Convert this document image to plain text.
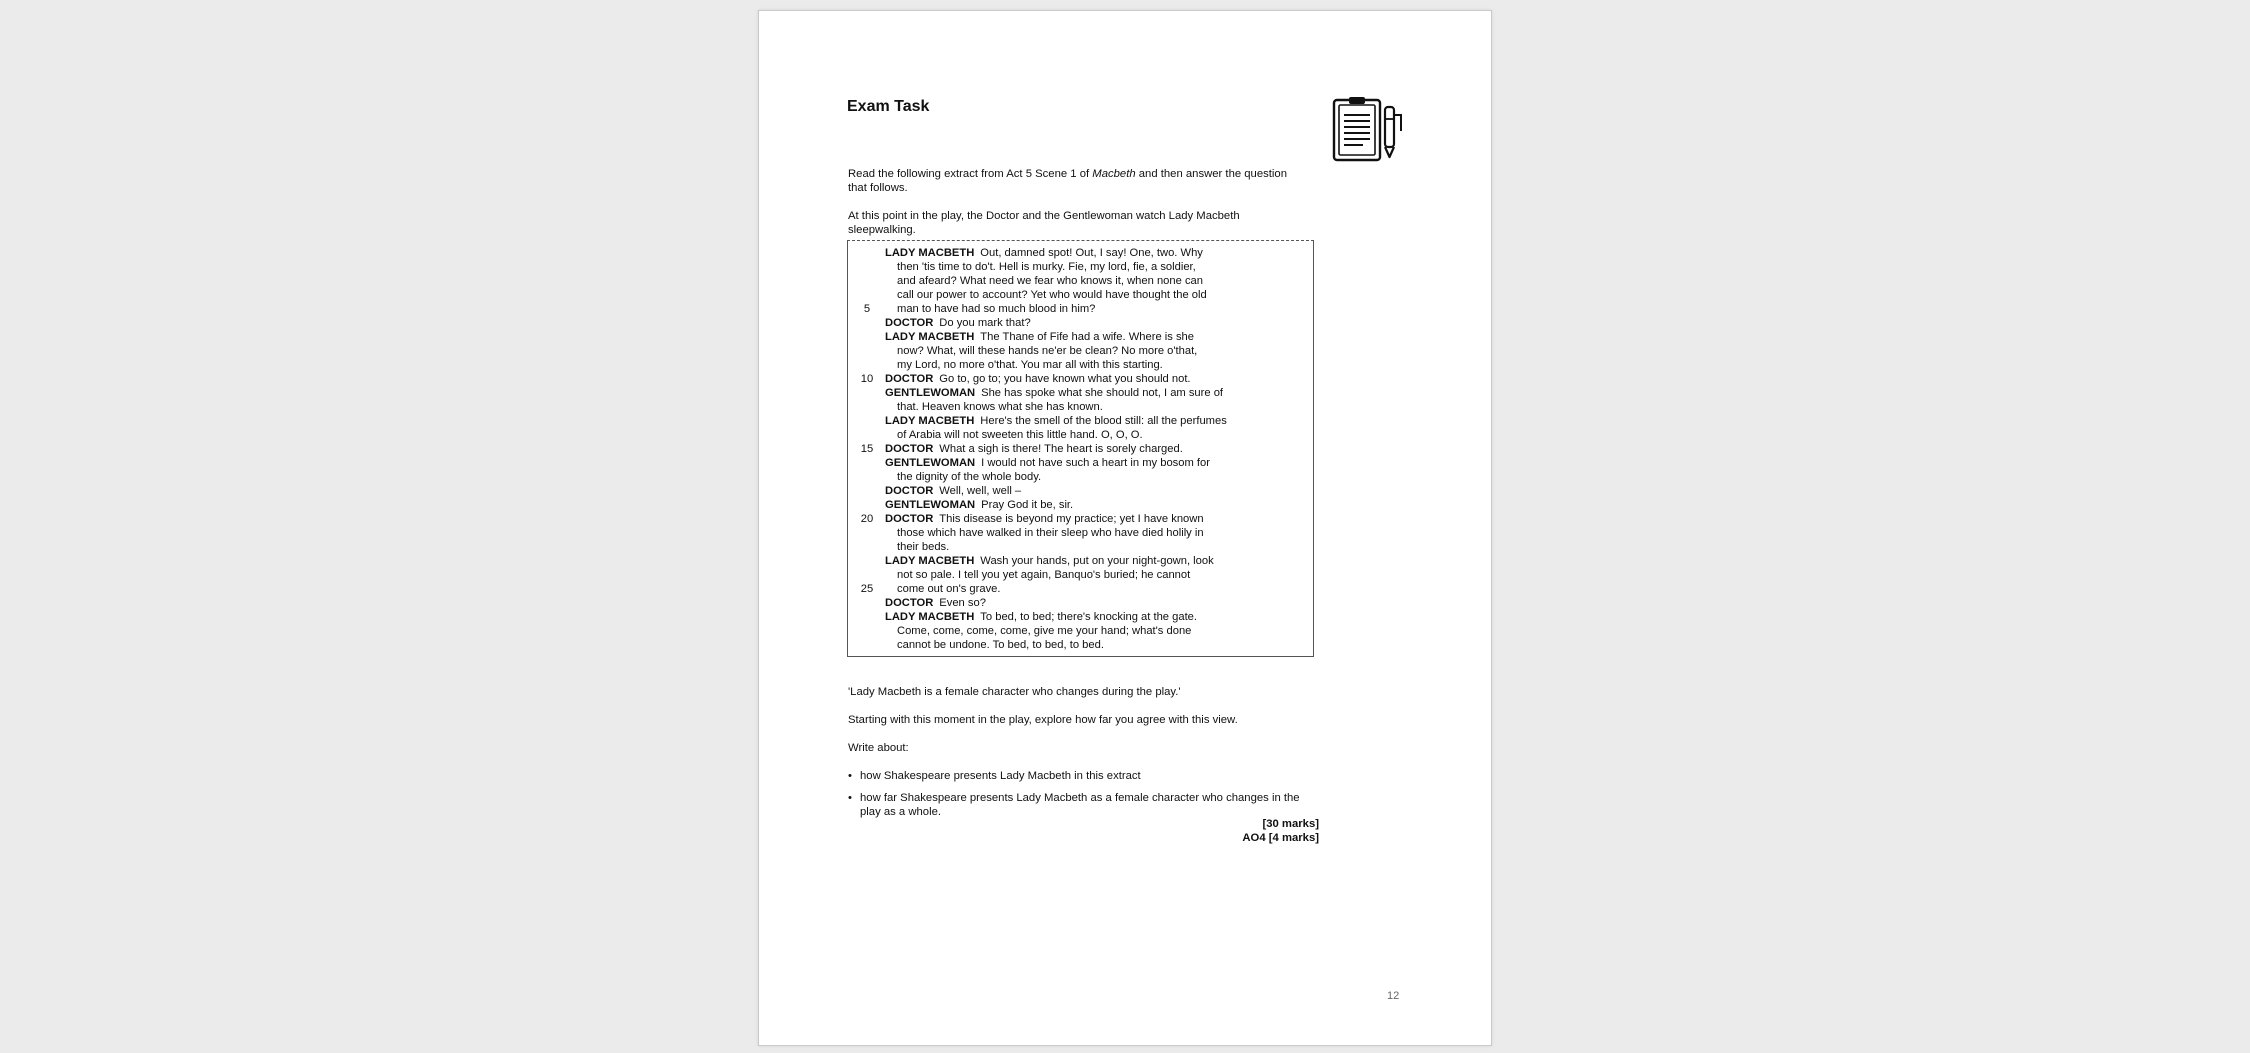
Exam Task

Read the following extract from Act 5 Scene 1 of Macbeth and then answer the question that follows.

At this point in the play, the Doctor and the Gentlewoman watch Lady Macbeth sleepwalking.

LADY MACBETH Out, damned spot! Out, I say! One, two. Why
then 'tis time to do't. Hell is murky. Fie, my lord, fie, a soldier,
and afeard? What need we fear who knows it, when none can
call our power to account? Yet who would have thought the old
5	man to have had so much blood in him?
DOCTOR Do you mark that?
LADY MACBETH The Thane of Fife had a wife. Where is she
now? What, will these hands ne'er be clean? No more o'that,
my Lord, no more o'that. You mar all with this starting.
10 DOCTOR Go to, go to; you have known what you should not.
GENTLEWOMAN She has spoke what she should not, I am sure of
that. Heaven knows what she has known.
LADY MACBETH Here's the smell of the blood still: all the perfumes
of Arabia will not sweeten this little hand. O, O, O.
15 DOCTOR What a sigh is there! The heart is sorely charged.
GENTLEWOMAN I would not have such a heart in my bosom for
the dignity of the whole body.
DOCTOR Well, well, well –
GENTLEWOMAN Pray God it be, sir.
20 DOCTOR This disease is beyond my practice; yet I have known
those which have walked in their sleep who have died holily in
their beds.
LADY MACBETH Wash your hands, put on your night-gown, look
not so pale. I tell you yet again, Banquo's buried; he cannot
25 come out on's grave.
DOCTOR Even so?
LADY MACBETH To bed, to bed; there's knocking at the gate.
Come, come, come, come, give me your hand; what's done
cannot be undone. To bed, to bed, to bed.

'Lady Macbeth is a female character who changes during the play.'

Starting with this moment in the play, explore how far you agree with this view.

Write about:

• how Shakespeare presents Lady Macbeth in this extract
• how far Shakespeare presents Lady Macbeth as a female character who changes in the play as a whole.
[30 marks]
AO4 [4 marks]
12
